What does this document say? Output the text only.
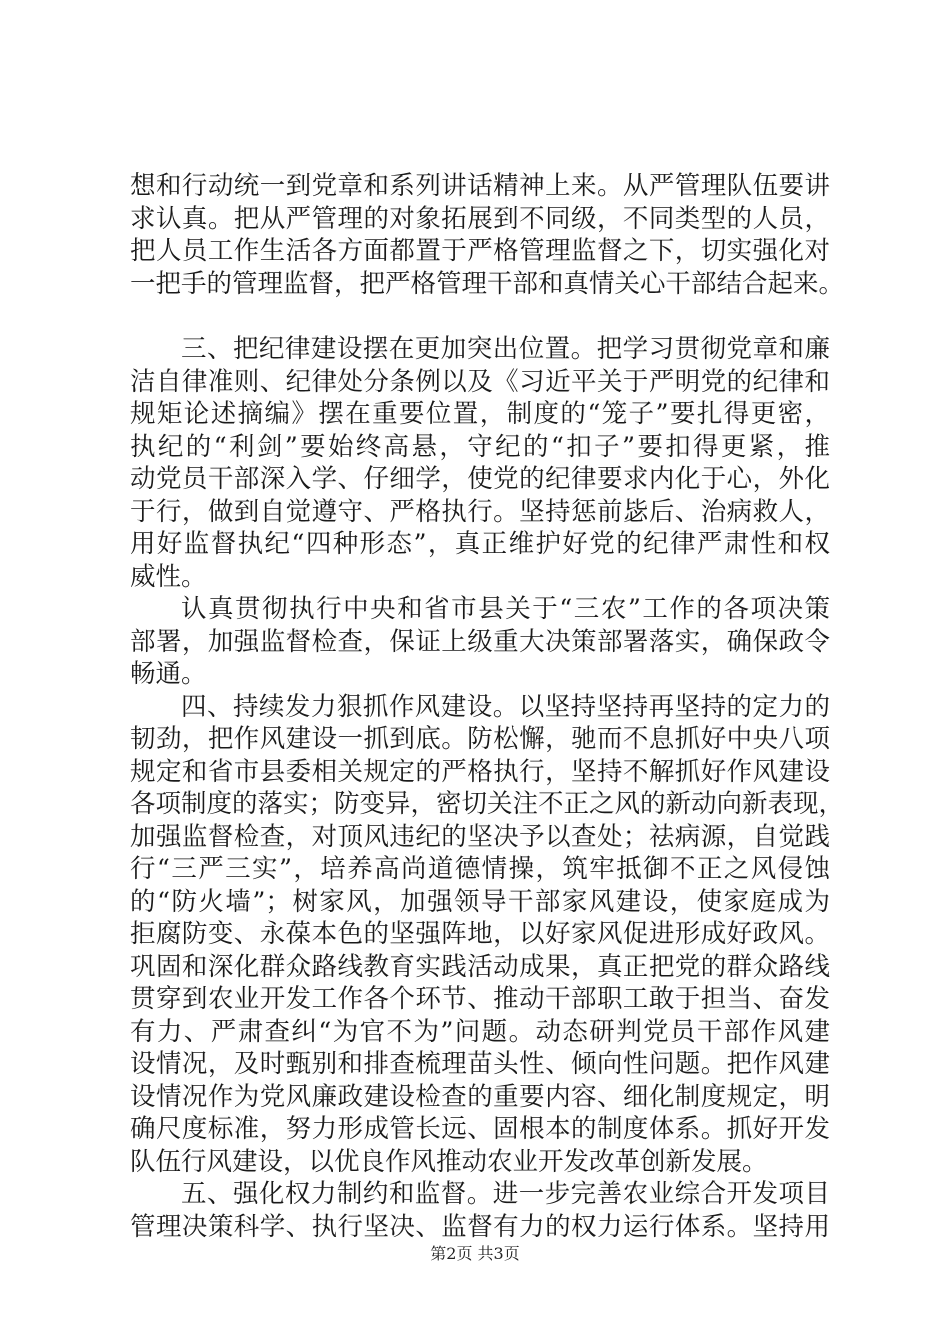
想和行动统一到党章和系列讲话精神上来。从严管理队伍要讲
求认真。把从严管理的对象拓展到不同级，不同类型的人员，
把人员工作生活各方面都置于严格管理监督之下，切实强化对
一把手的管理监督，把严格管理干部和真情关心干部结合起来。
三、把纪律建设摆在更加突出位置。把学习贯彻党章和廉
洁自律准则、纪律处分条例以及《习近平关于严明党的纪律和
规矩论述摘编》摆在重要位置，制度的“笼子”要扎得更密，
执纪的“利剑”要始终高悬，守纪的“扣子”要扣得更紧，推
动党员干部深入学、仔细学，使党的纪律要求内化于心，外化
于行，做到自觉遵守、严格执行。坚持惩前毖后、治病救人，
用好监督执纪“四种形态”，真正维护好党的纪律严肃性和权
威性。
认真贯彻执行中央和省市县关于“三农”工作的各项决策
部署，加强监督检查，保证上级重大决策部署落实，确保政令
畅通。
四、持续发力狠抓作风建设。以坚持坚持再坚持的定力的
韧劲，把作风建设一抓到底。防松懈，驰而不息抓好中央八项
规定和省市县委相关规定的严格执行，坚持不解抓好作风建设
各项制度的落实；防变异，密切关注不正之风的新动向新表现，
加强监督检查，对顶风违纪的坚决予以查处；祛病源，自觉践
行“三严三实”，培养高尚道德情操，筑牢抵御不正之风侵蚀
的“防火墙”；树家风，加强领导干部家风建设，使家庭成为
拒腐防变、永葆本色的坚强阵地，以好家风促进形成好政风。
巩固和深化群众路线教育实践活动成果，真正把党的群众路线
贯穿到农业开发工作各个环节、推动干部职工敢于担当、奋发
有力、严肃查纠“为官不为”问题。动态研判党员干部作风建
设情况，及时甄别和排查梳理苗头性、倾向性问题。把作风建
设情况作为党风廉政建设检查的重要内容、细化制度规定，明
确尺度标准，努力形成管长远、固根本的制度体系。抓好开发
队伍行风建设，以优良作风推动农业开发改革创新发展。
五、强化权力制约和监督。进一步完善农业综合开发项目
管理决策科学、执行坚决、监督有力的权力运行体系。坚持用
第2页 共3页
